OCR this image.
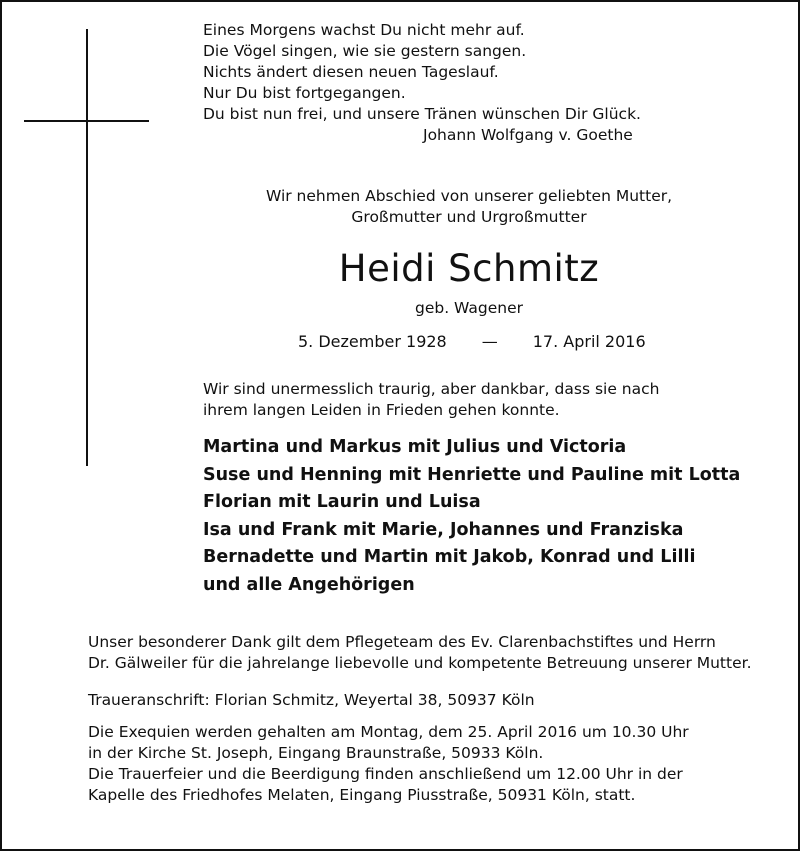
Eines Morgens wachst Du nicht mehr auf.
Die Vögel singen, wie sie gestern sangen.
Nichts ändert diesen neuen Tageslauf.
Nur Du bist fortgegangen.
Du bist nun frei, und unsere Tränen wünschen Dir Glück.
Johann Wolfgang v. Goethe
Wir nehmen Abschied von unserer geliebten Mutter,
Großmutter und Urgroßmutter
Heidi Schmitz
geb. Wagener
5. Dezember 1928 — 17. April 2016
Wir sind unermesslich traurig, aber dankbar, dass sie nach
ihrem langen Leiden in Frieden gehen konnte.
Martina und Markus mit Julius und Victoria
Suse und Henning mit Henriette und Pauline mit Lotta
Florian mit Laurin und Luisa
Isa und Frank mit Marie, Johannes und Franziska
Bernadette und Martin mit Jakob, Konrad und Lilli
und alle Angehörigen
Unser besonderer Dank gilt dem Pflegeteam des Ev. Clarenbachstiftes und Herrn
Dr. Gälweiler für die jahrelange liebevolle und kompetente Betreuung unserer Mutter.
Traueranschrift: Florian Schmitz, Weyertal 38, 50937 Köln
Die Exequien werden gehalten am Montag, dem 25. April 2016 um 10.30 Uhr
in der Kirche St. Joseph, Eingang Braunstraße, 50933 Köln.
Die Trauerfeier und die Beerdigung finden anschließend um 12.00 Uhr in der
Kapelle des Friedhofes Melaten, Eingang Piusstraße, 50931 Köln, statt.
